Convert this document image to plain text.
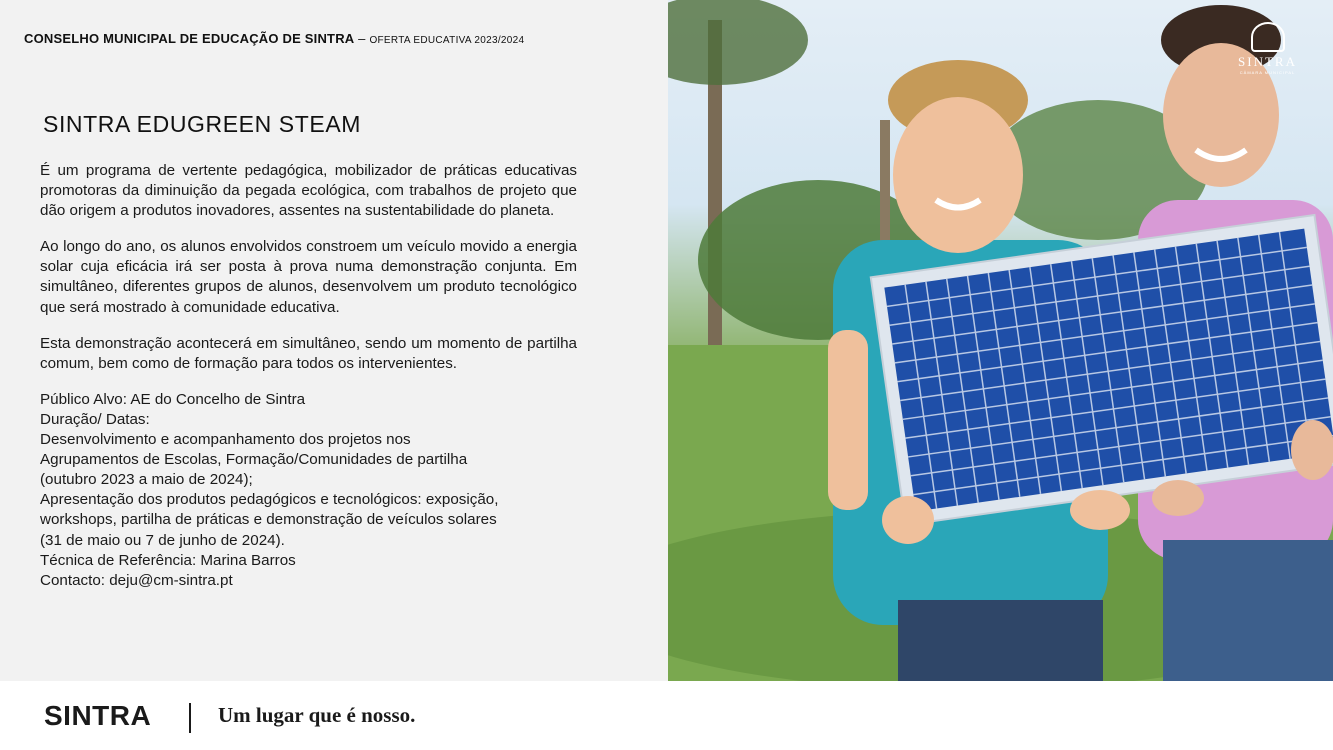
CONSELHO MUNICIPAL DE EDUCAÇÃO DE SINTRA – OFERTA EDUCATIVA 2023/2024
SINTRA EDUGREEN STEAM

É um programa de vertente pedagógica, mobilizador de práticas educativas promotoras da diminuição da pegada ecológica, com trabalhos de projeto que dão origem a produtos inovadores, assentes na sustentabilidade do planeta.

Ao longo do ano, os alunos envolvidos constroem um veículo movido a energia solar cuja eficácia irá ser posta à prova numa demonstração conjunta. Em simultâneo, diferentes grupos de alunos, desenvolvem um produto tecnológico que será mostrado à comunidade educativa.

Esta demonstração acontecerá em simultâneo, sendo um momento de partilha comum, bem como de formação para todos os intervenientes.

Público Alvo: AE do Concelho de Sintra
Duração/ Datas:
Desenvolvimento e acompanhamento dos projetos nos
Agrupamentos de Escolas, Formação/Comunidades de partilha
(outubro 2023 a maio de 2024);
Apresentação dos produtos pedagógicos e tecnológicos: exposição,
workshops, partilha de práticas e demonstração de veículos solares
(31 de maio ou 7 de junho de 2024).
Técnica de Referência: Marina Barros
Contacto: deju@cm-sintra.pt
SINTRA
CÂMARA MUNICIPAL
SINTRA	Um lugar que é nosso.
